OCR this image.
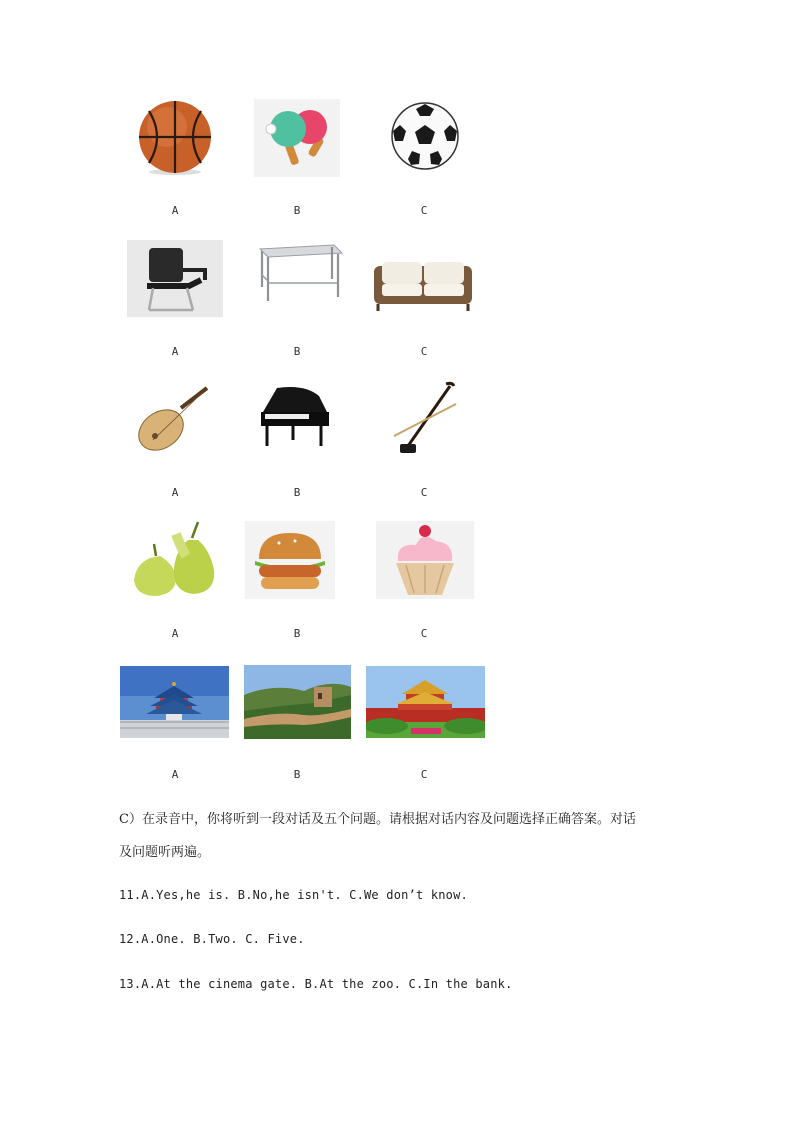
A	B	C
A	B	C
A	B	C
A	B	C
A	B	C
C）在录音中，你将听到一段对话及五个问题。请根据对话内容及问题选择正确答案。对话
及问题听两遍。
11.A.Yes,he is. B.No,he isn't. C.We don’t know.
12.A.One. B.Two. C. Five.
13.A.At the cinema gate. B.At the zoo. C.In the bank.
